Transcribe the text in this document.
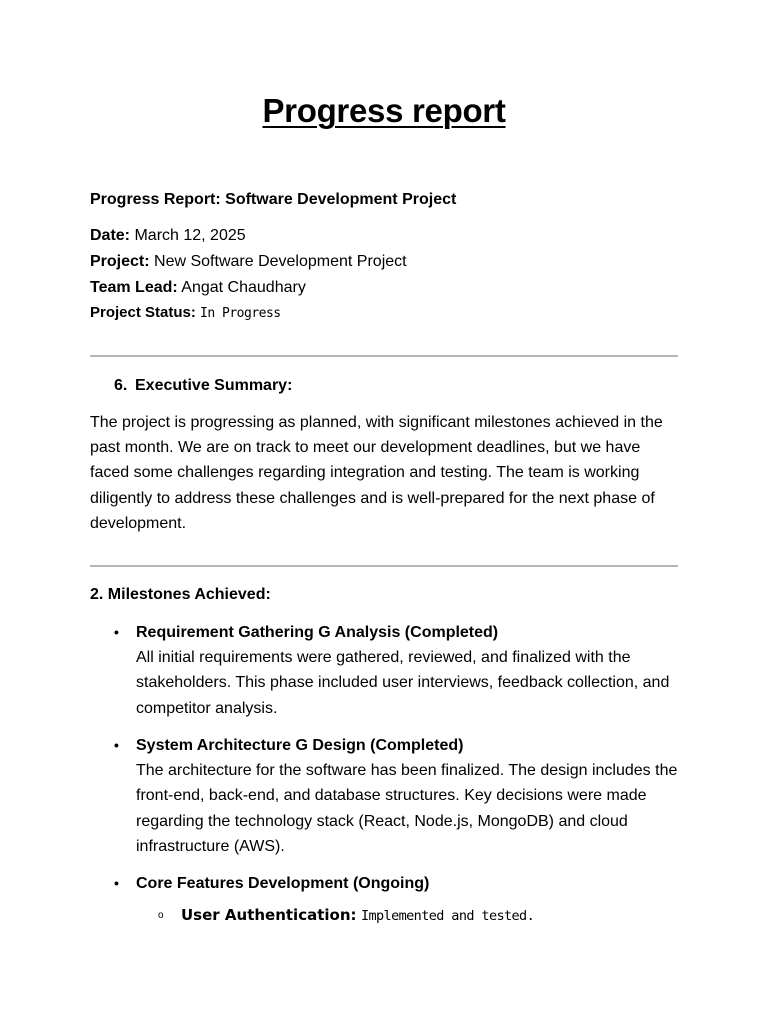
Progress report

Progress Report: Software Development Project

Date: March 12, 2025

Project: New Software Development Project

Team Lead: Angat Chaudhary

Project Status: In Progress

6. Executive Summary:

The project is progressing as planned, with significant milestones achieved in the past month. We are on track to meet our development deadlines, but we have faced some challenges regarding integration and testing. The team is working diligently to address these challenges and is well-prepared for the next phase of development.

2. Milestones Achieved:

• Requirement Gathering G Analysis (Completed)
All initial requirements were gathered, reviewed, and finalized with the stakeholders. This phase included user interviews, feedback collection, and competitor analysis.
• System Architecture G Design (Completed)
The architecture for the software has been finalized. The design includes the front-end, back-end, and database structures. Key decisions were made regarding the technology stack (React, Node.js, MongoDB) and cloud infrastructure (AWS).
• Core Features Development (Ongoing)
o User Authentication: Implemented and tested.
